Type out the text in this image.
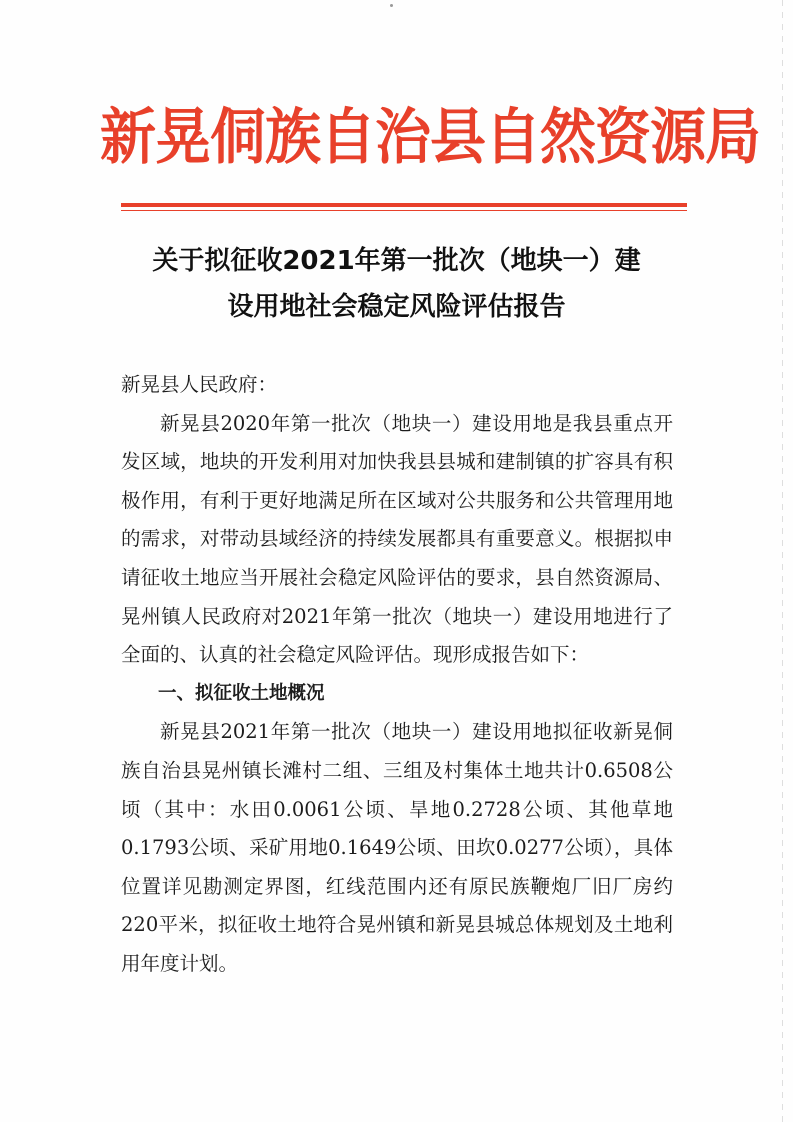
新晃侗族自治县自然资源局
关于拟征收2021年第一批次（地块一）建
设用地社会稳定风险评估报告

新晃县人民政府：

新晃县2020年第一批次（地块一）建设用地是我县重点开发区域，地块的开发利用对加快我县县城和建制镇的扩容具有积极作用，有利于更好地满足所在区域对公共服务和公共管理用地的需求，对带动县域经济的持续发展都具有重要意义。根据拟申请征收土地应当开展社会稳定风险评估的要求，县自然资源局、晃州镇人民政府对2021年第一批次（地块一）建设用地进行了全面的、认真的社会稳定风险评估。现形成报告如下：

一、拟征收土地概况

新晃县2021年第一批次（地块一）建设用地拟征收新晃侗族自治县晃州镇长滩村二组、三组及村集体土地共计0.6508公顷（其中：水田0.0061公顷、旱地0.2728公顷、其他草地0.1793公顷、采矿用地0.1649公顷、田坎0.0277公顷），具体位置详见勘测定界图，红线范围内还有原民族鞭炮厂旧厂房约220平米，拟征收土地符合晃州镇和新晃县城总体规划及土地利用年度计划。
